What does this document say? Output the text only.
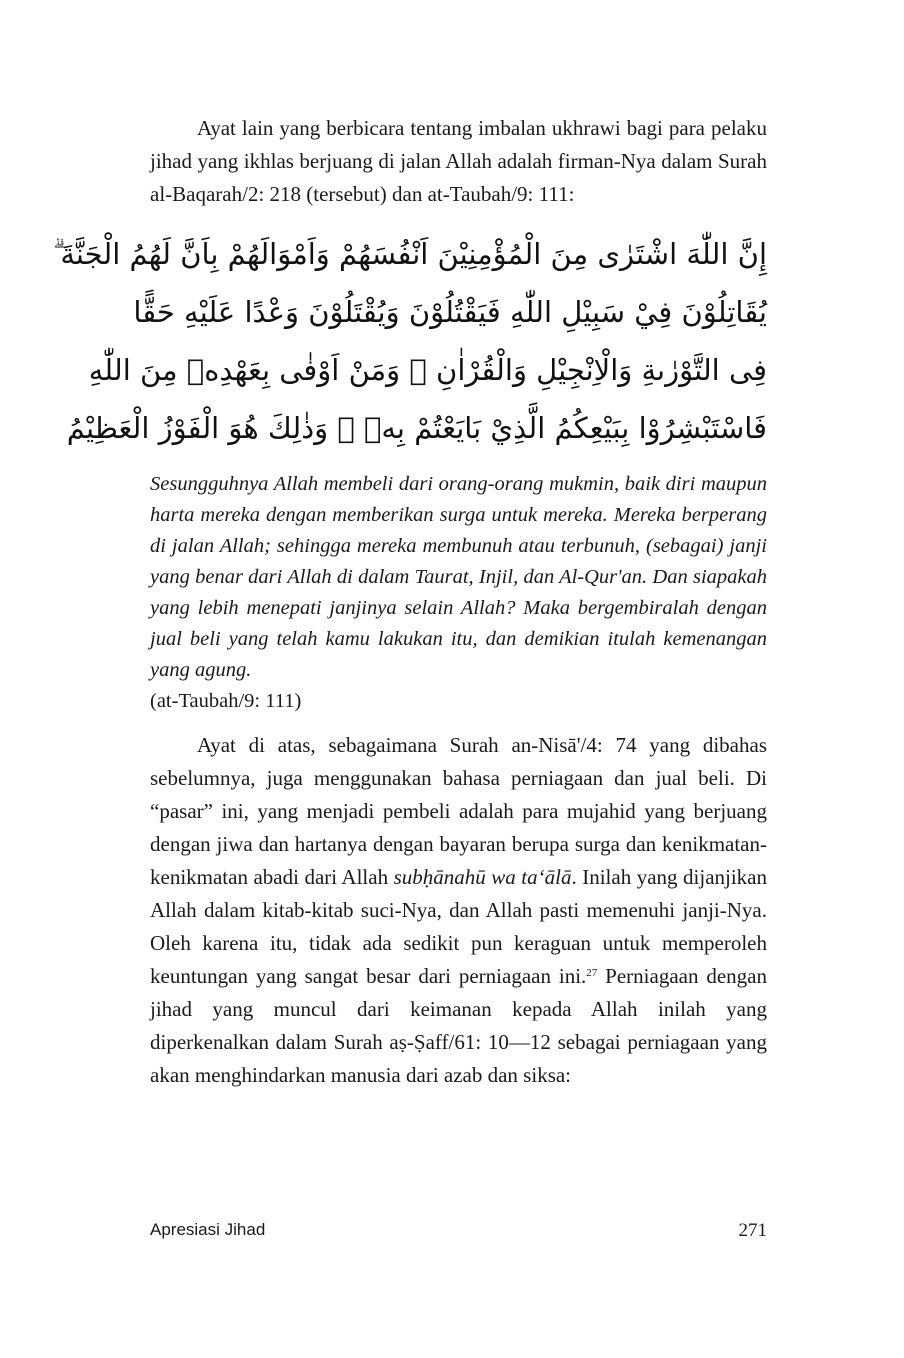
Ayat lain yang berbicara tentang imbalan ukhrawi bagi para pelaku jihad yang ikhlas berjuang di jalan Allah adalah firman-Nya dalam Surah al-Baqarah/2: 218 (tersebut) dan at-Taubah/9: 111:

إِنَّ اللّٰهَ اشْتَرٰى مِنَ الْمُؤْمِنِيْنَ اَنْفُسَهُمْ وَاَمْوَالَهُمْ بِاَنَّ لَهُمُ الْجَنَّةَ ۗ
يُقَاتِلُوْنَ فِيْ سَبِيْلِ اللّٰهِ فَيَقْتُلُوْنَ وَيُقْتَلُوْنَ وَعْدًا عَلَيْهِ حَقًّا
فِى التَّوْرٰىةِ وَالْاِنْجِيْلِ وَالْقُرْاٰنِ ۗ وَمَنْ اَوْفٰى بِعَهْدِهٖ مِنَ اللّٰهِ
فَاسْتَبْشِرُوْا بِبَيْعِكُمُ الَّذِيْ بَايَعْتُمْ بِهٖ ۗ وَذٰلِكَ هُوَ الْفَوْزُ الْعَظِيْمُ

Sesungguhnya Allah membeli dari orang-orang mukmin, baik diri maupun harta mereka dengan memberikan surga untuk mereka. Mereka berperang di jalan Allah; sehingga mereka membunuh atau terbunuh, (sebagai) janji yang benar dari Allah di dalam Taurat, Injil, dan Al-Qur'an. Dan siapakah yang lebih menepati janjinya selain Allah? Maka bergembiralah dengan jual beli yang telah kamu lakukan itu, dan demikian itulah kemenangan yang agung.
(at-Taubah/9: 111)

Ayat di atas, sebagaimana Surah an-Nisā'/4: 74 yang dibahas sebelumnya, juga menggunakan bahasa perniagaan dan jual beli. Di “pasar” ini, yang menjadi pembeli adalah para mujahid yang berjuang dengan jiwa dan hartanya dengan bayaran berupa surga dan kenikmatan-kenikmatan abadi dari Allah subḥānahū wa ta‘ālā. Inilah yang dijanjikan Allah dalam kitab-kitab suci-Nya, dan Allah pasti memenuhi janji-Nya. Oleh karena itu, tidak ada sedikit pun keraguan untuk memperoleh keuntungan yang sangat besar dari perniagaan ini.$^{27}$ Perniagaan dengan jihad yang muncul dari keimanan kepada Allah inilah yang diperkenalkan dalam Surah aṣ-Ṣaff/61: 10—12 sebagai perniagaan yang akan menghindarkan manusia dari azab dan siksa:

Apresiasi Jihad	271
